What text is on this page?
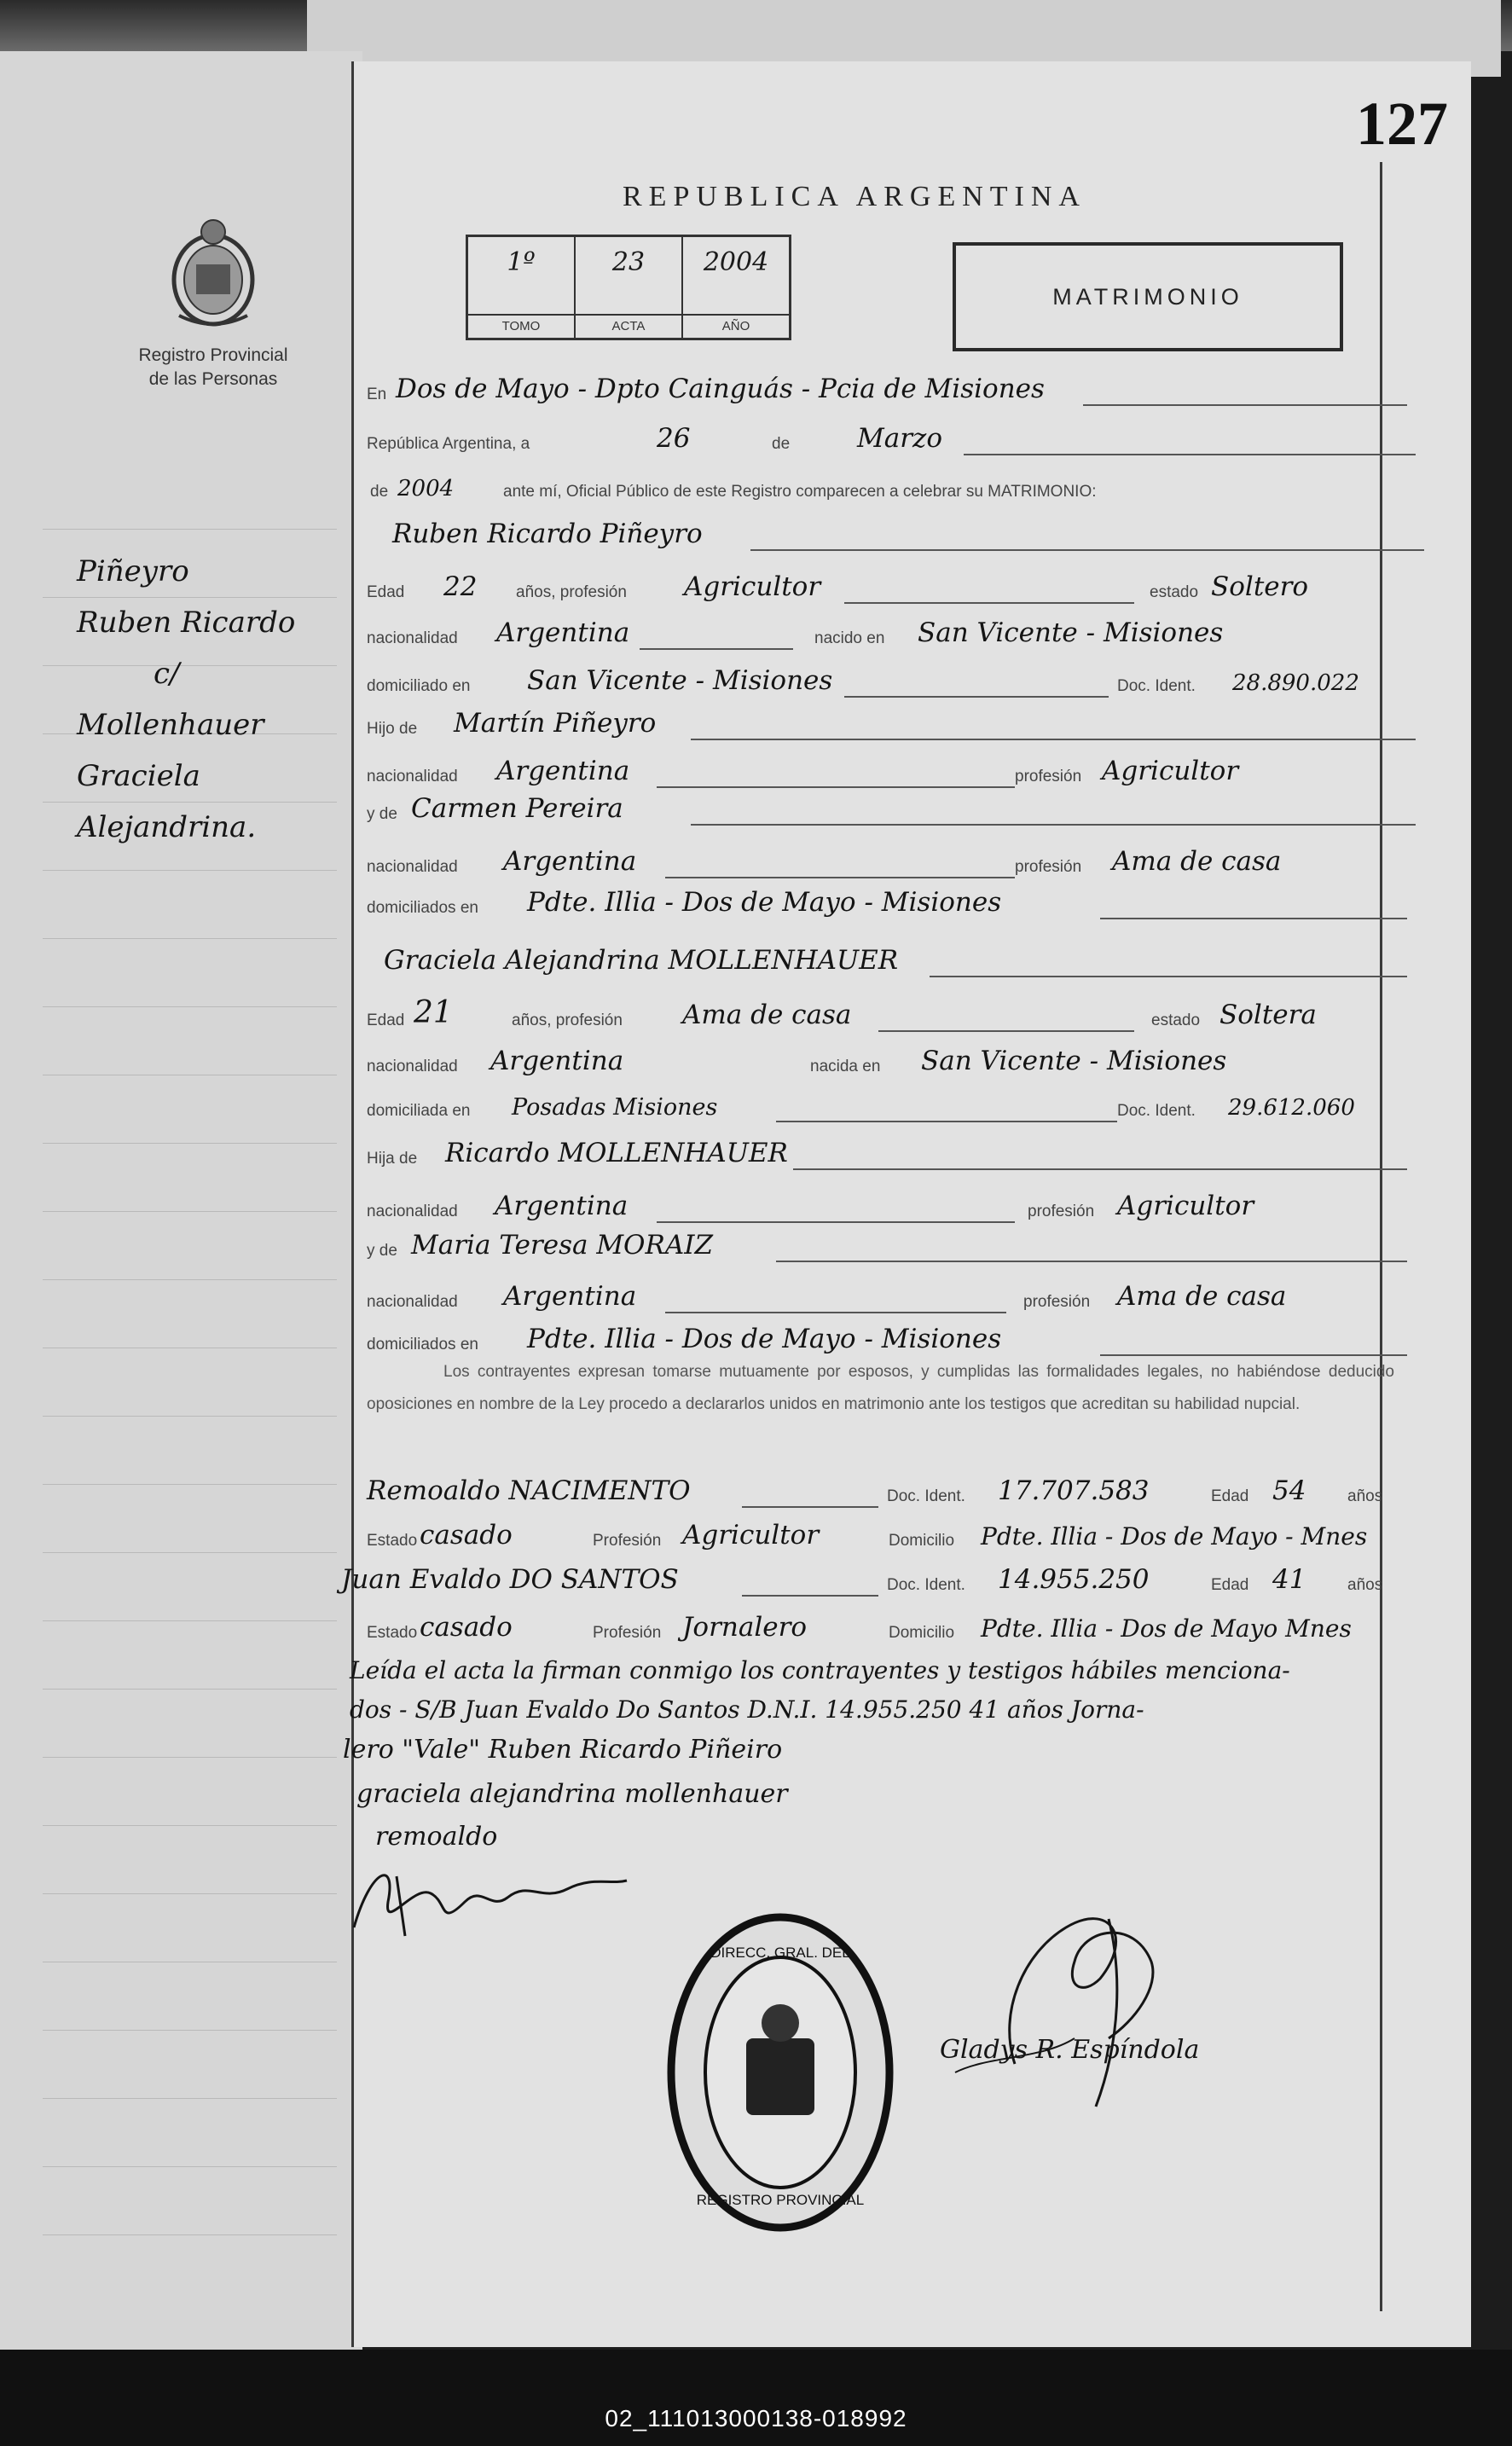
127
REPUBLICA ARGENTINA
Registro Provincial
de las Personas
1º
TOMO
23
ACTA
2004
AÑO
MATRIMONIO
Piñeyro
Ruben Ricardo
c/
Mollenhauer
Graciela
Alejandrina.
En Dos de Mayo - Dpto Cainguás - Pcia de Misiones
República Argentina, a	26	de	Marzo
de 2004	ante mí, Oficial Público de este Registro comparecen a celebrar su MATRIMONIO:
Ruben Ricardo Piñeyro
Edad 22 años, profesión Agricultor	estado Soltero
nacionalidad Argentina	nacido en San Vicente - Misiones
domiciliado en San Vicente - Misiones	Doc. Ident. 28.890.022
Hijo de Martín Piñeyro
nacionalidad Argentina	profesión Agricultor
y de Carmen Pereira
nacionalidad Argentina	profesión Ama de casa
domiciliados en Pdte. Illia - Dos de Mayo - Misiones
Graciela Alejandrina MOLLENHAUER
Edad 21	años, profesión Ama de casa	estado Soltera
nacionalidad Argentina	nacida en San Vicente - Misiones
domiciliada en Posadas Misiones	Doc. Ident. 29.612.060
Hija de Ricardo MOLLENHAUER
nacionalidad Argentina	profesión Agricultor
y de Maria Teresa MORAIZ
nacionalidad Argentina	profesión Ama de casa
domiciliados en Pdte. Illia - Dos de Mayo - Misiones
Los contrayentes expresan tomarse mutuamente por esposos, y cumplidas las formalidades legales, no habiéndose deducido oposiciones en nombre de la Ley procedo a declararlos unidos en matrimonio ante los testigos que acreditan su habilidad nupcial.
Remoaldo NACIMENTO	Doc. Ident. 17.707.583	Edad 54	años
Estado casado	Profesión Agricultor	Domicilio Pdte. Illia - Dos de Mayo - Mnes
Juan Evaldo DO SANTOS	Doc. Ident. 14.955.250	Edad 41	años
Estado casado	Profesión Jornalero	Domicilio Pdte. Illia - Dos de Mayo Mnes
Leída el acta la firman conmigo los contrayentes y testigos hábiles menciona-
dos - S/B Juan Evaldo Do Santos D.N.I. 14.955.250 41 años Jorna-
lero "Vale" Ruben Ricardo Piñeiro
graciela alejandrina mollenhauer
remoaldo
DIRECC. GRAL. DEL
REGISTRO PROVINCIAL
Gladys R. Espíndola
02_111013000138-018992
